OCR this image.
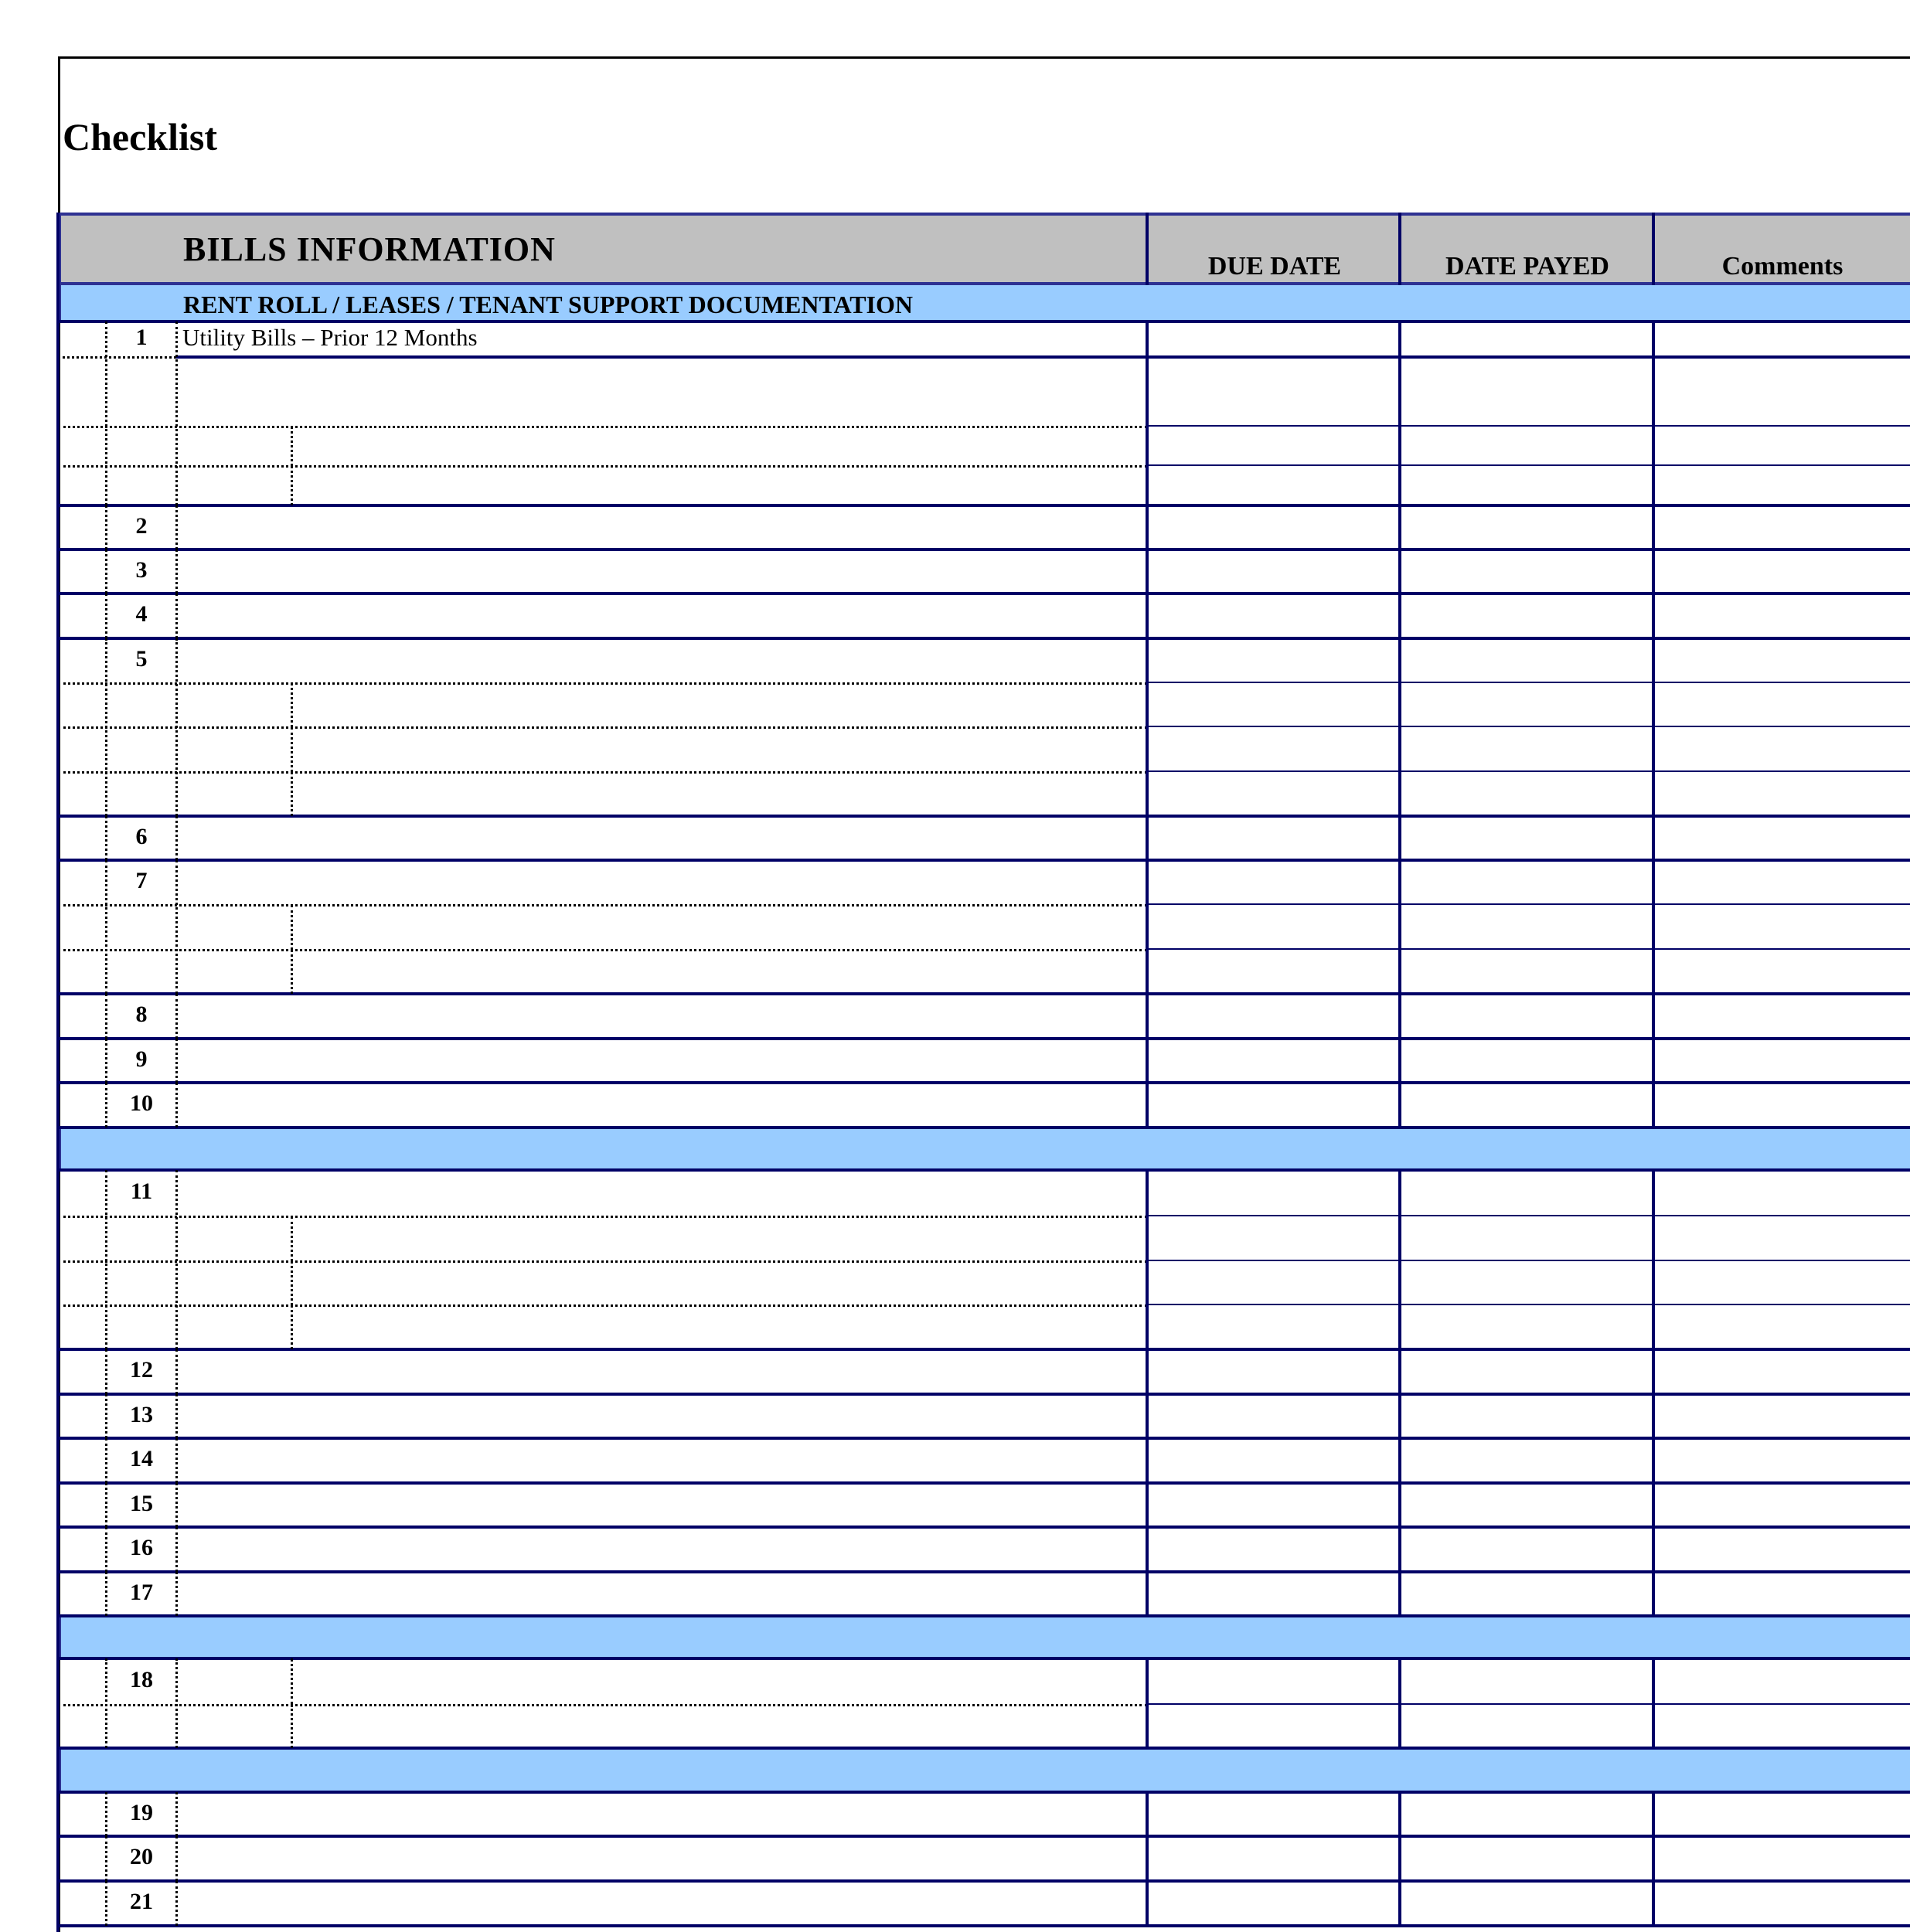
Checklist
BILLS INFORMATION	DUE DATE	DATE PAYED	Comments
RENT ROLL / LEASES / TENANT SUPPORT DOCUMENTATION
1	Utility Bills – Prior 12 Months
2
3
4
5
6
7
8
9
10
11
12
13
14
15
16
17
18
19
20
21
